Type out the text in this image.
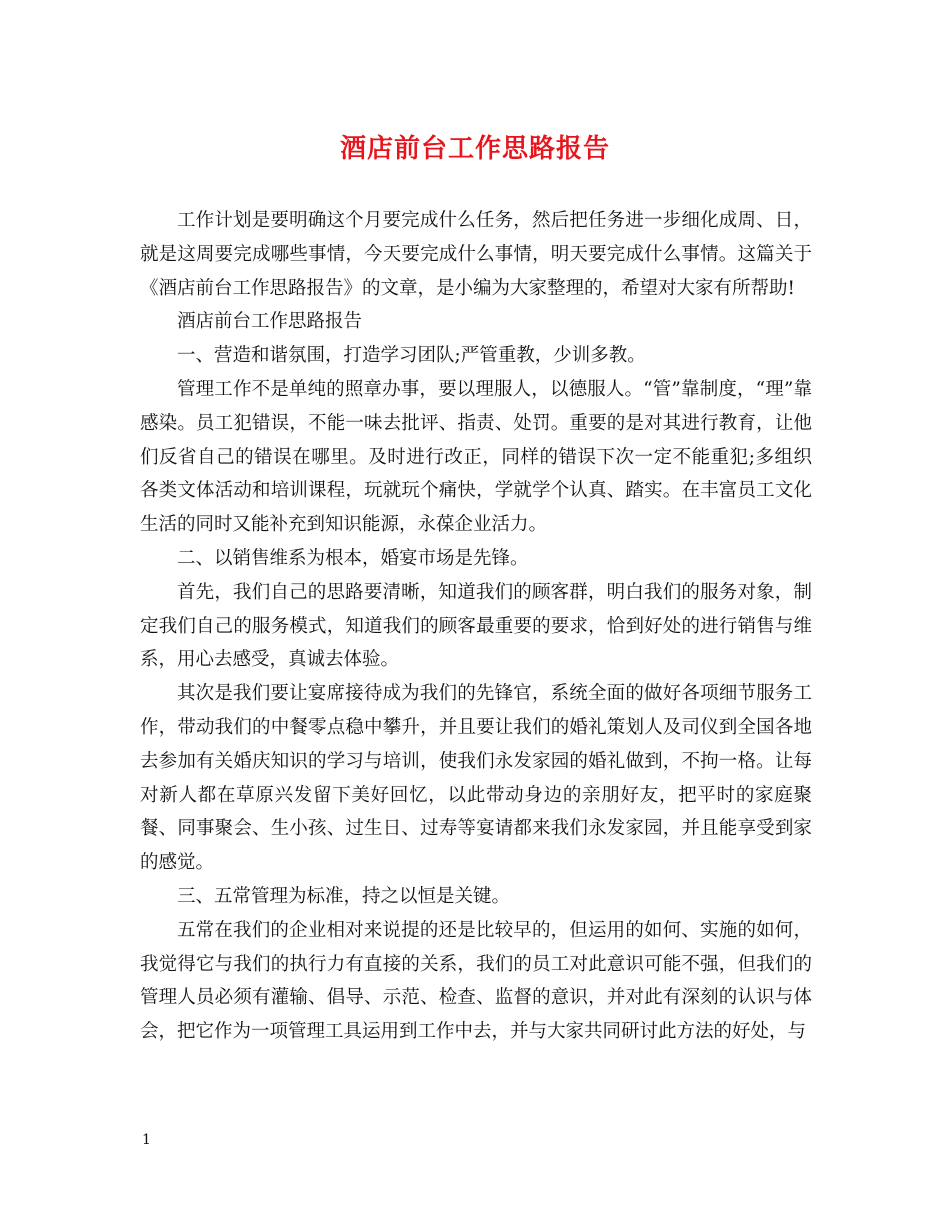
酒店前台工作思路报告

工作计划是要明确这个月要完成什么任务，然后把任务进一步细化成周、日，就是这周要完成哪些事情，今天要完成什么事情，明天要完成什么事情。这篇关于《酒店前台工作思路报告》的文章，是小编为大家整理的，希望对大家有所帮助!

酒店前台工作思路报告

一、营造和谐氛围，打造学习团队;严管重教，少训多教。

管理工作不是单纯的照章办事，要以理服人，以德服人。“管”靠制度，“理”靠感染。员工犯错误，不能一味去批评、指责、处罚。重要的是对其进行教育，让他们反省自己的错误在哪里。及时进行改正，同样的错误下次一定不能重犯;多组织各类文体活动和培训课程，玩就玩个痛快，学就学个认真、踏实。在丰富员工文化生活的同时又能补充到知识能源，永葆企业活力。

二、以销售维系为根本，婚宴市场是先锋。

首先，我们自己的思路要清晰，知道我们的顾客群，明白我们的服务对象，制定我们自己的服务模式，知道我们的顾客最重要的要求，恰到好处的进行销售与维系，用心去感受，真诚去体验。

其次是我们要让宴席接待成为我们的先锋官，系统全面的做好各项细节服务工作，带动我们的中餐零点稳中攀升，并且要让我们的婚礼策划人及司仪到全国各地去参加有关婚庆知识的学习与培训，使我们永发家园的婚礼做到，不拘一格。让每对新人都在草原兴发留下美好回忆，以此带动身边的亲朋好友，把平时的家庭聚餐、同事聚会、生小孩、过生日、过寿等宴请都来我们永发家园，并且能享受到家的感觉。

三、五常管理为标准，持之以恒是关键。

五常在我们的企业相对来说提的还是比较早的，但运用的如何、实施的如何，我觉得它与我们的执行力有直接的关系，我们的员工对此意识可能不强，但我们的管理人员必须有灌输、倡导、示范、检查、监督的意识，并对此有深刻的认识与体会，把它作为一项管理工具运用到工作中去，并与大家共同研讨此方法的好处，与

1
